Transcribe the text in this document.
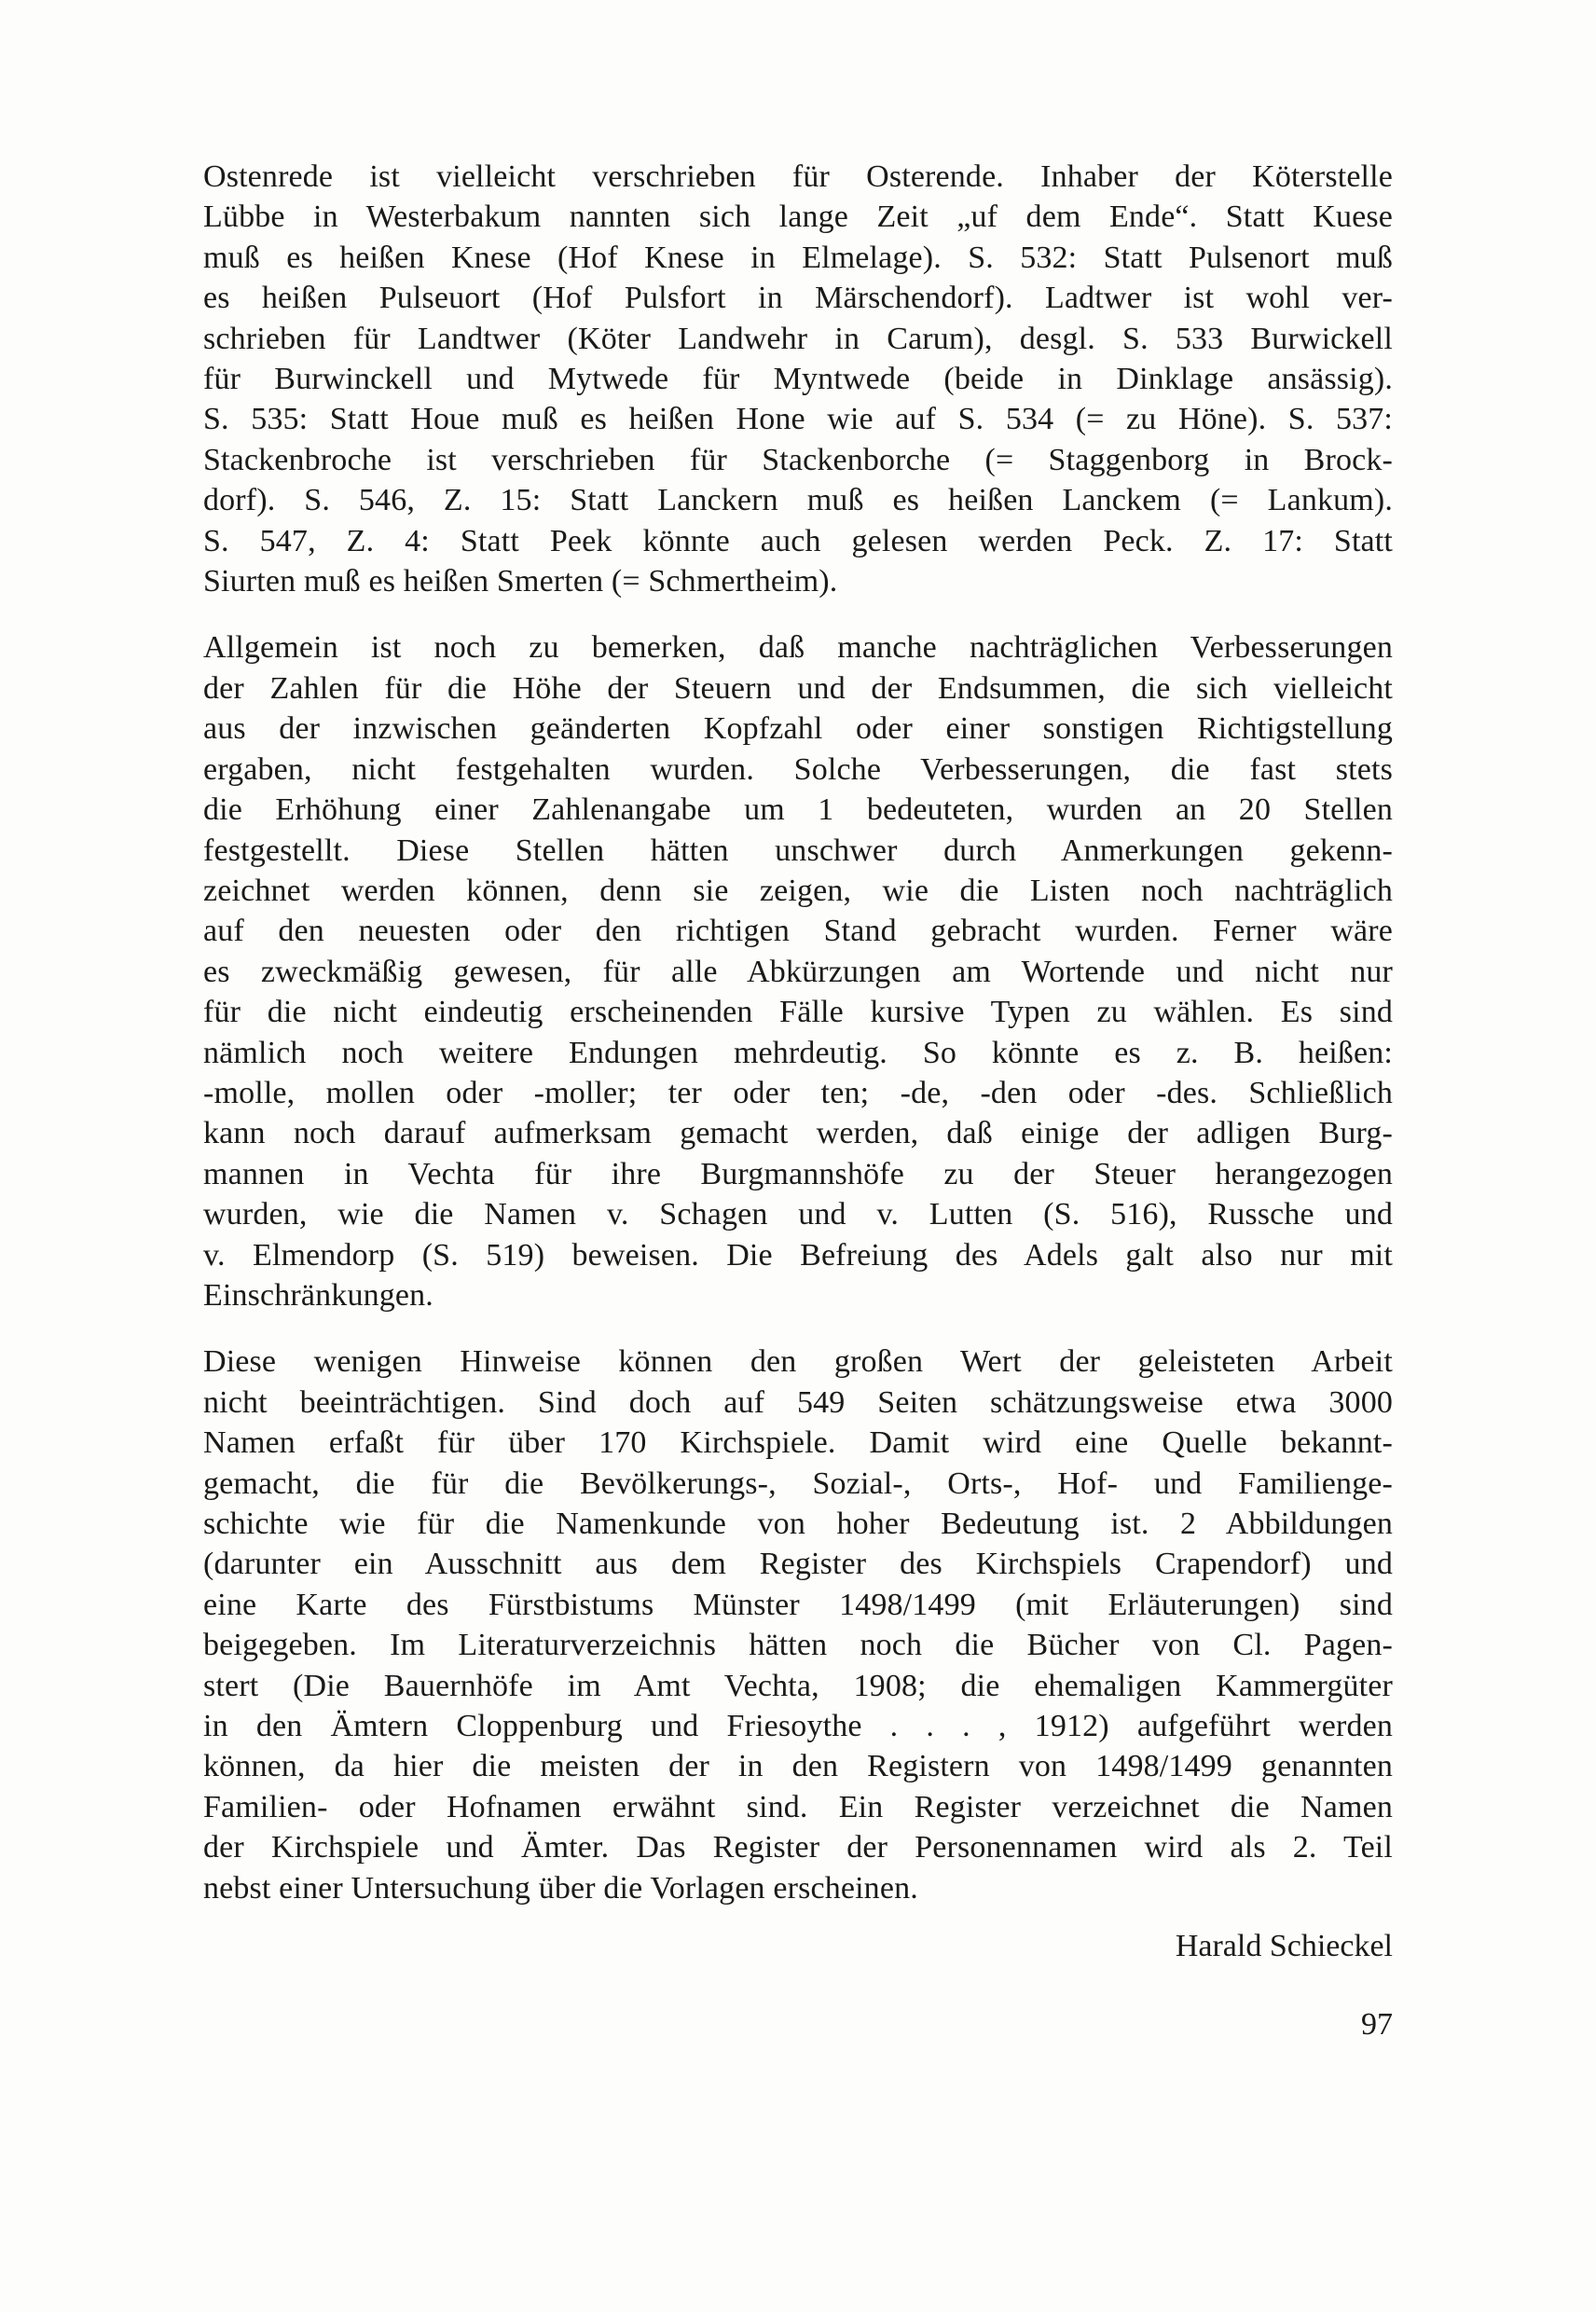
Ostenrede ist vielleicht verschrieben für Osterende. Inhaber der Köterstelle
Lübbe in Westerbakum nannten sich lange Zeit „uf dem Ende“. Statt Kuese
muß es heißen Knese (Hof Knese in Elmelage). S. 532: Statt Pulsenort muß
es heißen Pulseuort (Hof Pulsfort in Märschendorf). Ladtwer ist wohl ver-
schrieben für Landtwer (Köter Landwehr in Carum), desgl. S. 533 Burwickell
für Burwinckell und Mytwede für Myntwede (beide in Dinklage ansässig).
S. 535: Statt Houe muß es heißen Hone wie auf S. 534 (= zu Höne). S. 537:
Stackenbroche ist verschrieben für Stackenborche (= Staggenborg in Brock-
dorf). S. 546, Z. 15: Statt Lanckern muß es heißen Lanckem (= Lankum).
S. 547, Z. 4: Statt Peek könnte auch gelesen werden Peck. Z. 17: Statt
Siurten muß es heißen Smerten (= Schmertheim).
Allgemein ist noch zu bemerken, daß manche nachträglichen Verbesserungen
der Zahlen für die Höhe der Steuern und der Endsummen, die sich vielleicht
aus der inzwischen geänderten Kopfzahl oder einer sonstigen Richtigstellung
ergaben, nicht festgehalten wurden. Solche Verbesserungen, die fast stets
die Erhöhung einer Zahlenangabe um 1 bedeuteten, wurden an 20 Stellen
festgestellt. Diese Stellen hätten unschwer durch Anmerkungen gekenn-
zeichnet werden können, denn sie zeigen, wie die Listen noch nachträglich
auf den neuesten oder den richtigen Stand gebracht wurden. Ferner wäre
es zweckmäßig gewesen, für alle Abkürzungen am Wortende und nicht nur
für die nicht eindeutig erscheinenden Fälle kursive Typen zu wählen. Es sind
nämlich noch weitere Endungen mehrdeutig. So könnte es z. B. heißen:
-molle, mollen oder -moller; ter oder ten; -de, -den oder -des. Schließlich
kann noch darauf aufmerksam gemacht werden, daß einige der adligen Burg-
mannen in Vechta für ihre Burgmannshöfe zu der Steuer herangezogen
wurden, wie die Namen v. Schagen und v. Lutten (S. 516), Russche und
v. Elmendorp (S. 519) beweisen. Die Befreiung des Adels galt also nur mit
Einschränkungen.
Diese wenigen Hinweise können den großen Wert der geleisteten Arbeit
nicht beeinträchtigen. Sind doch auf 549 Seiten schätzungsweise etwa 3000
Namen erfaßt für über 170 Kirchspiele. Damit wird eine Quelle bekannt-
gemacht, die für die Bevölkerungs-, Sozial-, Orts-, Hof- und Familienge-
schichte wie für die Namenkunde von hoher Bedeutung ist. 2 Abbildungen
(darunter ein Ausschnitt aus dem Register des Kirchspiels Crapendorf) und
eine Karte des Fürstbistums Münster 1498/1499 (mit Erläuterungen) sind
beigegeben. Im Literaturverzeichnis hätten noch die Bücher von Cl. Pagen-
stert (Die Bauernhöfe im Amt Vechta, 1908; die ehemaligen Kammergüter
in den Ämtern Cloppenburg und Friesoythe . . . , 1912) aufgeführt werden
können, da hier die meisten der in den Registern von 1498/1499 genannten
Familien- oder Hofnamen erwähnt sind. Ein Register verzeichnet die Namen
der Kirchspiele und Ämter. Das Register der Personennamen wird als 2. Teil
nebst einer Untersuchung über die Vorlagen erscheinen.
Harald Schieckel
97
